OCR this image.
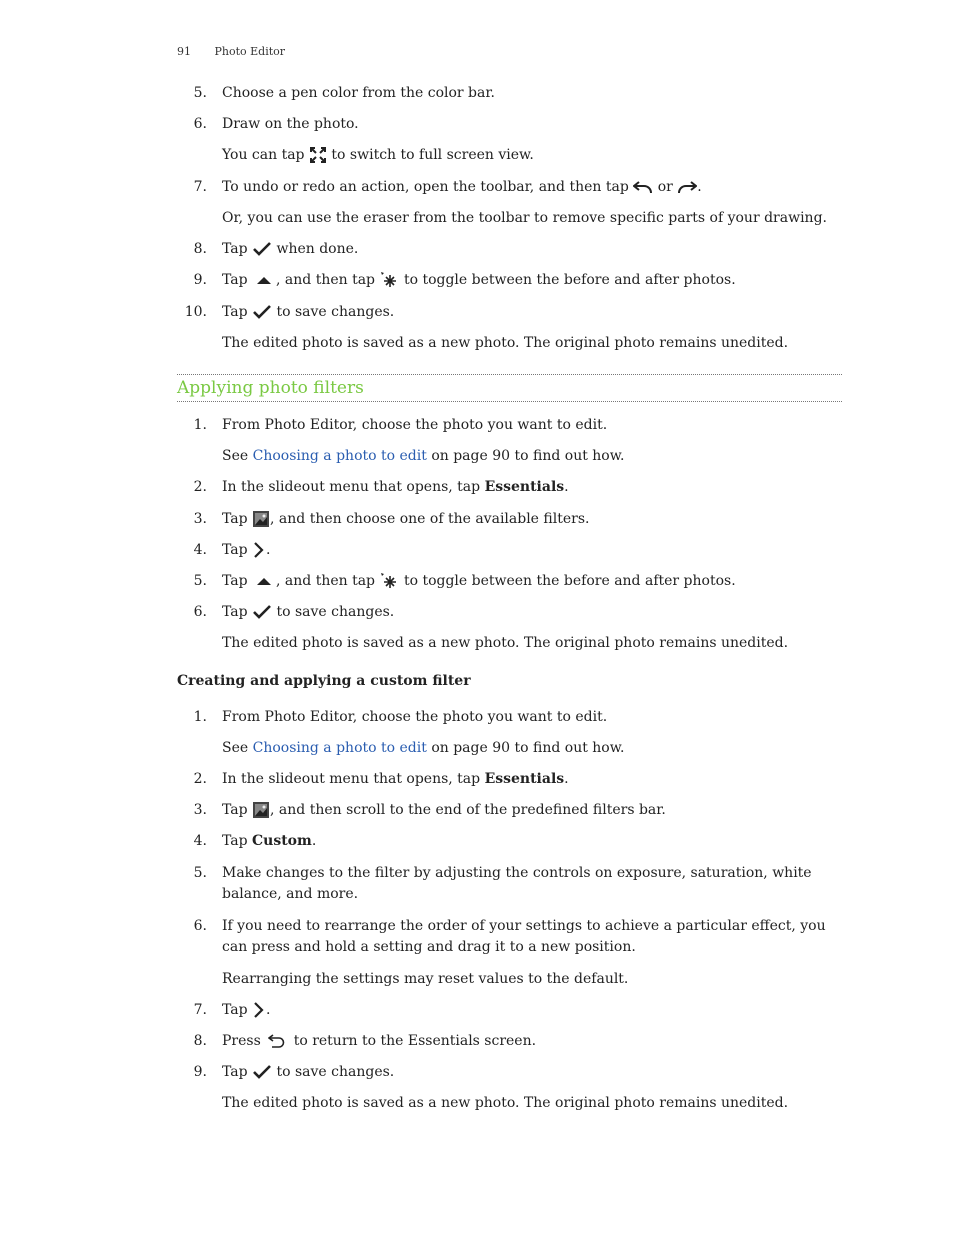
91 Photo Editor
5. Choose a pen color from the color bar.
6. Draw on the photo.
You can tap to switch to full screen view.
7. To undo or redo an action, open the toolbar, and then tap or .
Or, you can use the eraser from the toolbar to remove specific parts of your drawing.
8. Tap when done.
9. Tap , and then tap to toggle between the before and after photos.
10. Tap to save changes.
The edited photo is saved as a new photo. The original photo remains unedited.
Applying photo filters
1. From Photo Editor, choose the photo you want to edit.
See Choosing a photo to edit on page 90 to find out how.
2. In the slideout menu that opens, tap Essentials.
3. Tap , and then choose one of the available filters.
4. Tap .
5. Tap , and then tap to toggle between the before and after photos.
6. Tap to save changes.
The edited photo is saved as a new photo. The original photo remains unedited.
Creating and applying a custom filter
1. From Photo Editor, choose the photo you want to edit.
See Choosing a photo to edit on page 90 to find out how.
2. In the slideout menu that opens, tap Essentials.
3. Tap , and then scroll to the end of the predefined filters bar.
4. Tap Custom.
5. Make changes to the filter by adjusting the controls on exposure, saturation, white balance, and more.
6. If you need to rearrange the order of your settings to achieve a particular effect, you can press and hold a setting and drag it to a new position.
Rearranging the settings may reset values to the default.
7. Tap .
8. Press to return to the Essentials screen.
9. Tap to save changes.
The edited photo is saved as a new photo. The original photo remains unedited.
